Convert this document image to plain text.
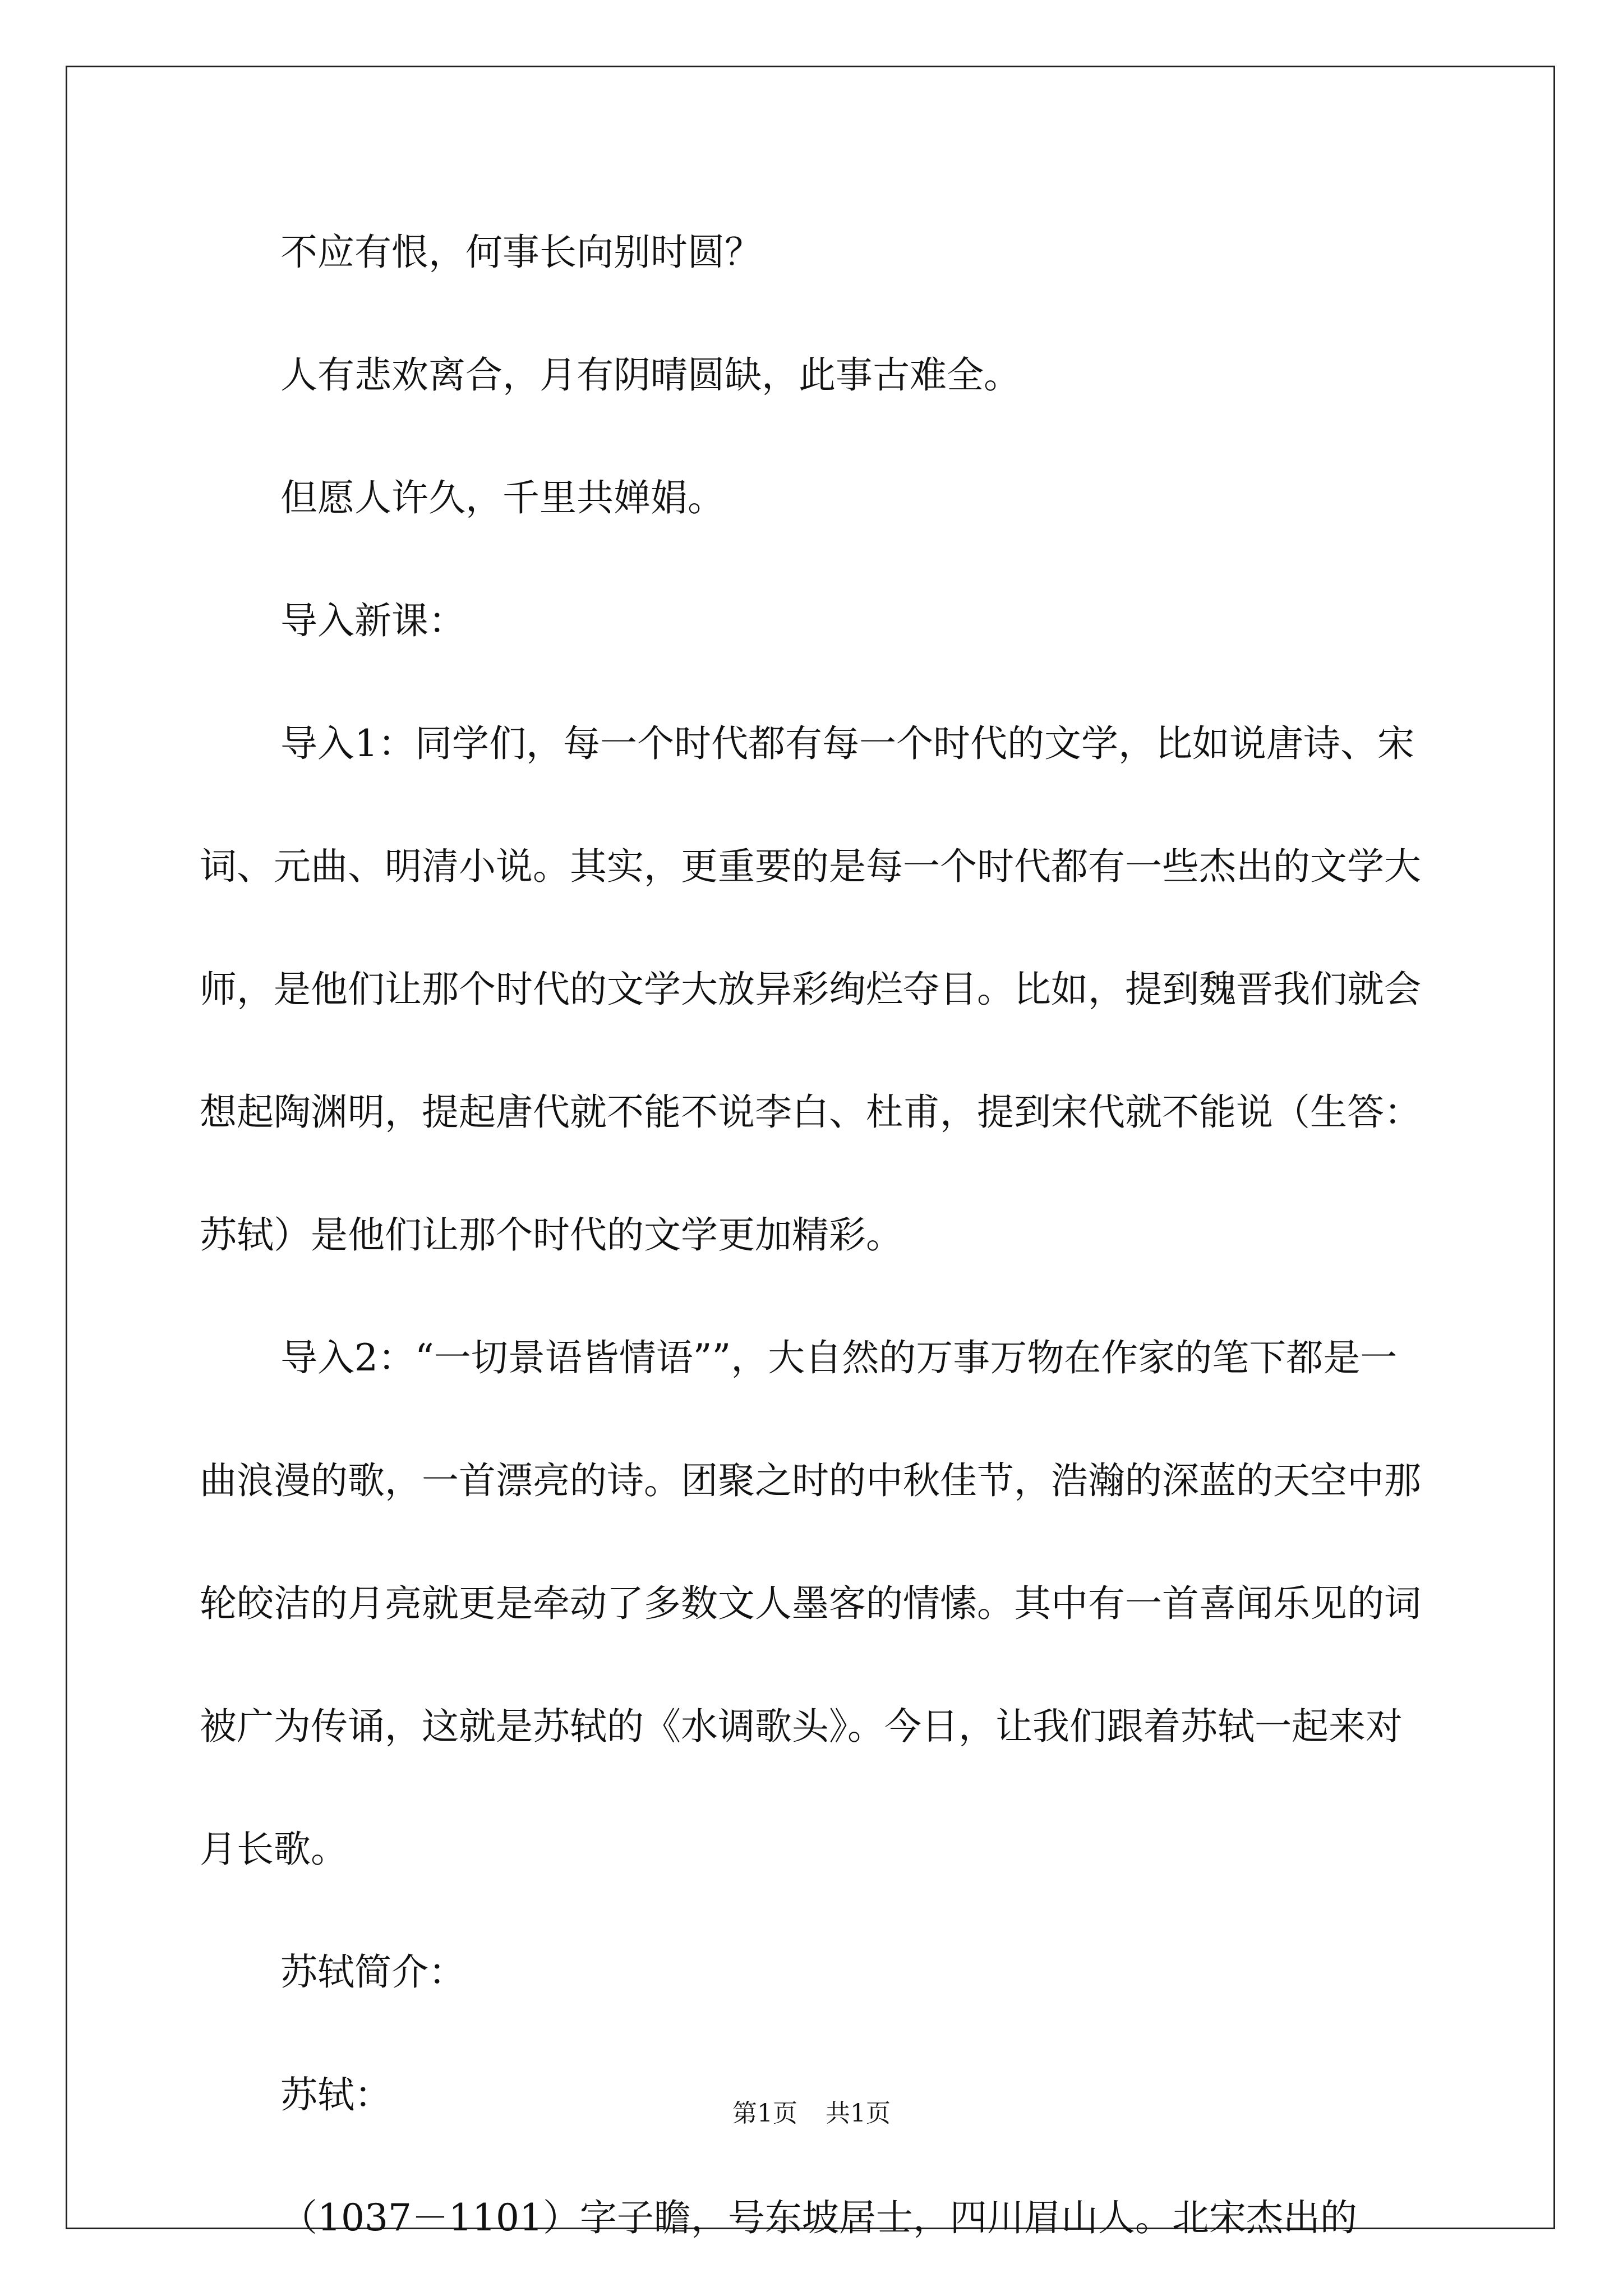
不应有恨，何事长向别时圆？

人有悲欢离合，月有阴晴圆缺，此事古难全。

但愿人许久，千里共婵娟。

导入新课：

导入1：同学们，每一个时代都有每一个时代的文学，比如说唐诗、宋词、元曲、明清小说。其实，更重要的是每一个时代都有一些杰出的文学大师，是他们让那个时代的文学大放异彩绚烂夺目。比如，提到魏晋我们就会想起陶渊明，提起唐代就不能不说李白、杜甫，提到宋代就不能说（生答：苏轼）是他们让那个时代的文学更加精彩。

导入2：“一切景语皆情语””，大自然的万事万物在作家的笔下都是一曲浪漫的歌，一首漂亮的诗。团聚之时的中秋佳节，浩瀚的深蓝的天空中那轮皎洁的月亮就更是牵动了多数文人墨客的情愫。其中有一首喜闻乐见的词被广为传诵，这就是苏轼的《水调歌头》。今日，让我们跟着苏轼一起来对月长歌。

苏轼简介：

苏轼：

（1037－1101）字子瞻，号东坡居士，四川眉山人。北宋杰出的

第1页 共1页
